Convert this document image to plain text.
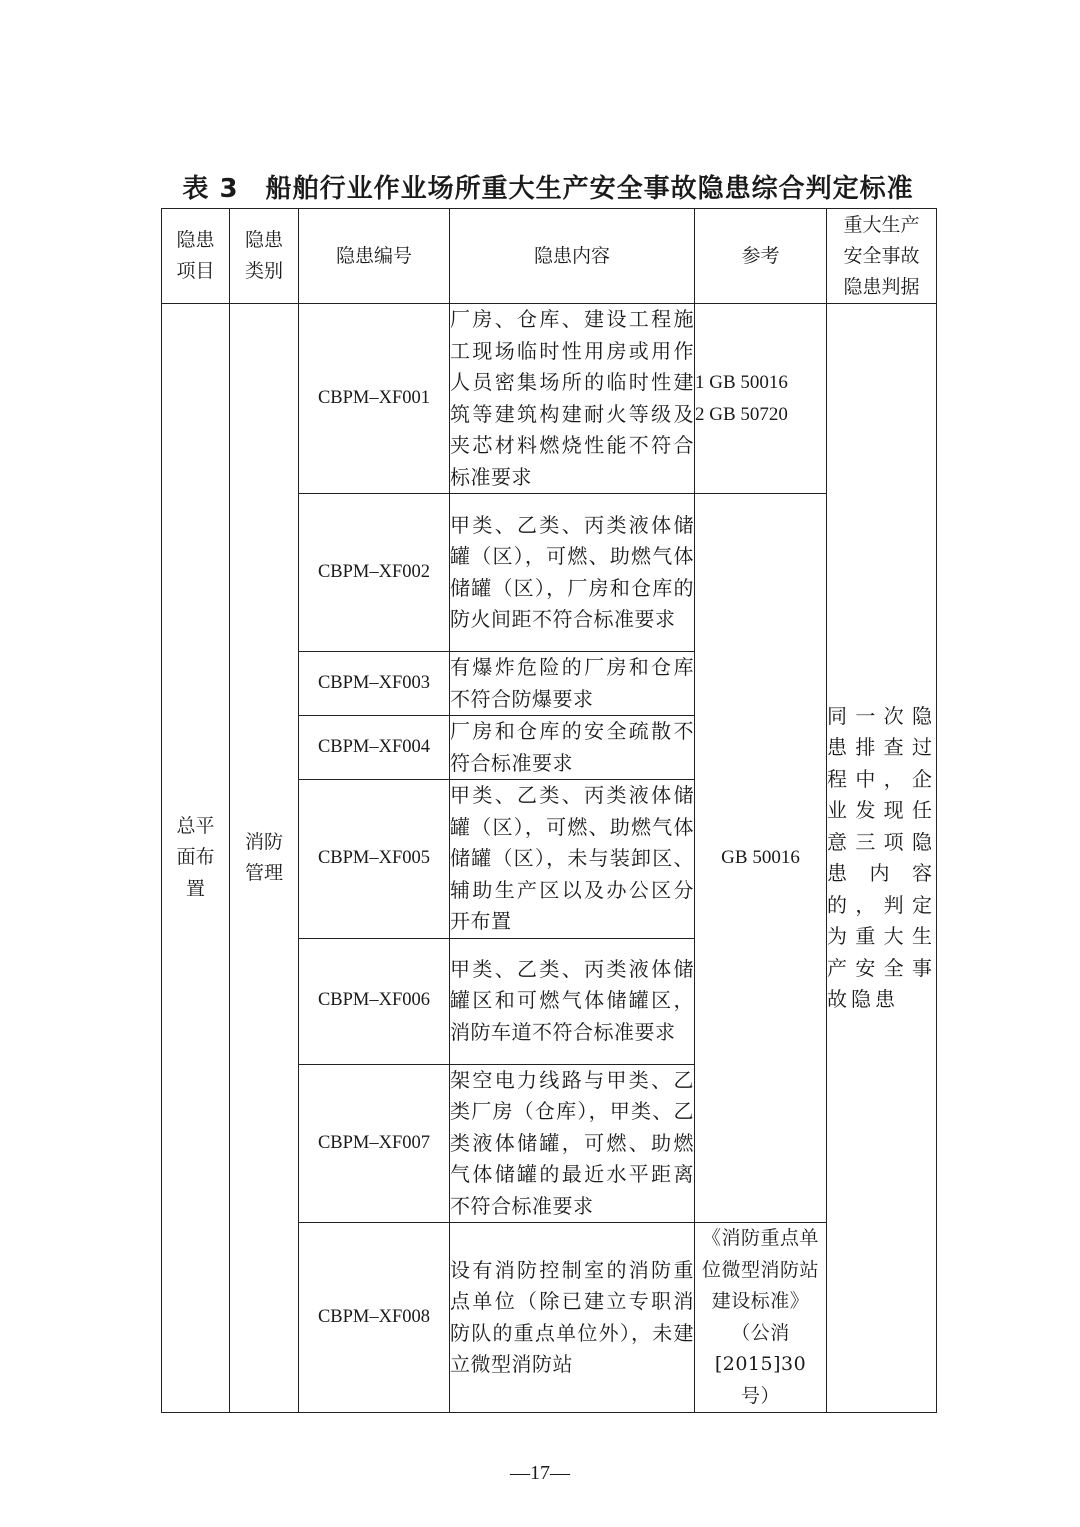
表 3　船舶行业作业场所重大生产安全事故隐患综合判定标准
隐患
项目	隐患
类别	隐患编号	隐患内容	参考	重大生产
安全事故
隐患判据

总平面布置	消防管理	CBPM–XF001	厂房、仓库、建设工程施工现场临时性用房或用作人员密集场所的临时性建筑等建筑构建耐火等级及夹芯材料燃烧性能不符合标准要求	1 GB 50016
2 GB 50720	同一次隐患排查过程中，企业发现任意三项隐患内容的，判定为重大生产安全事故隐患
		CBPM–XF002	甲类、乙类、丙类液体储罐（区），可燃、助燃气体储罐（区），厂房和仓库的防火间距不符合标准要求	GB 50016	
		CBPM–XF003	有爆炸危险的厂房和仓库不符合防爆要求		
		CBPM–XF004	厂房和仓库的安全疏散不符合标准要求		
		CBPM–XF005	甲类、乙类、丙类液体储罐（区），可燃、助燃气体储罐（区），未与装卸区、辅助生产区以及办公区分开布置		
		CBPM–XF006	甲类、乙类、丙类液体储罐区和可燃气体储罐区，消防车道不符合标准要求		
		CBPM–XF007	架空电力线路与甲类、乙类厂房（仓库），甲类、乙类液体储罐，可燃、助燃气体储罐的最近水平距离不符合标准要求		
		CBPM–XF008	设有消防控制室的消防重点单位（除已建立专职消防队的重点单位外），未建立微型消防站	《消防重点单位微型消防站建设标准》（公消[2015]30 号）	
—17—
